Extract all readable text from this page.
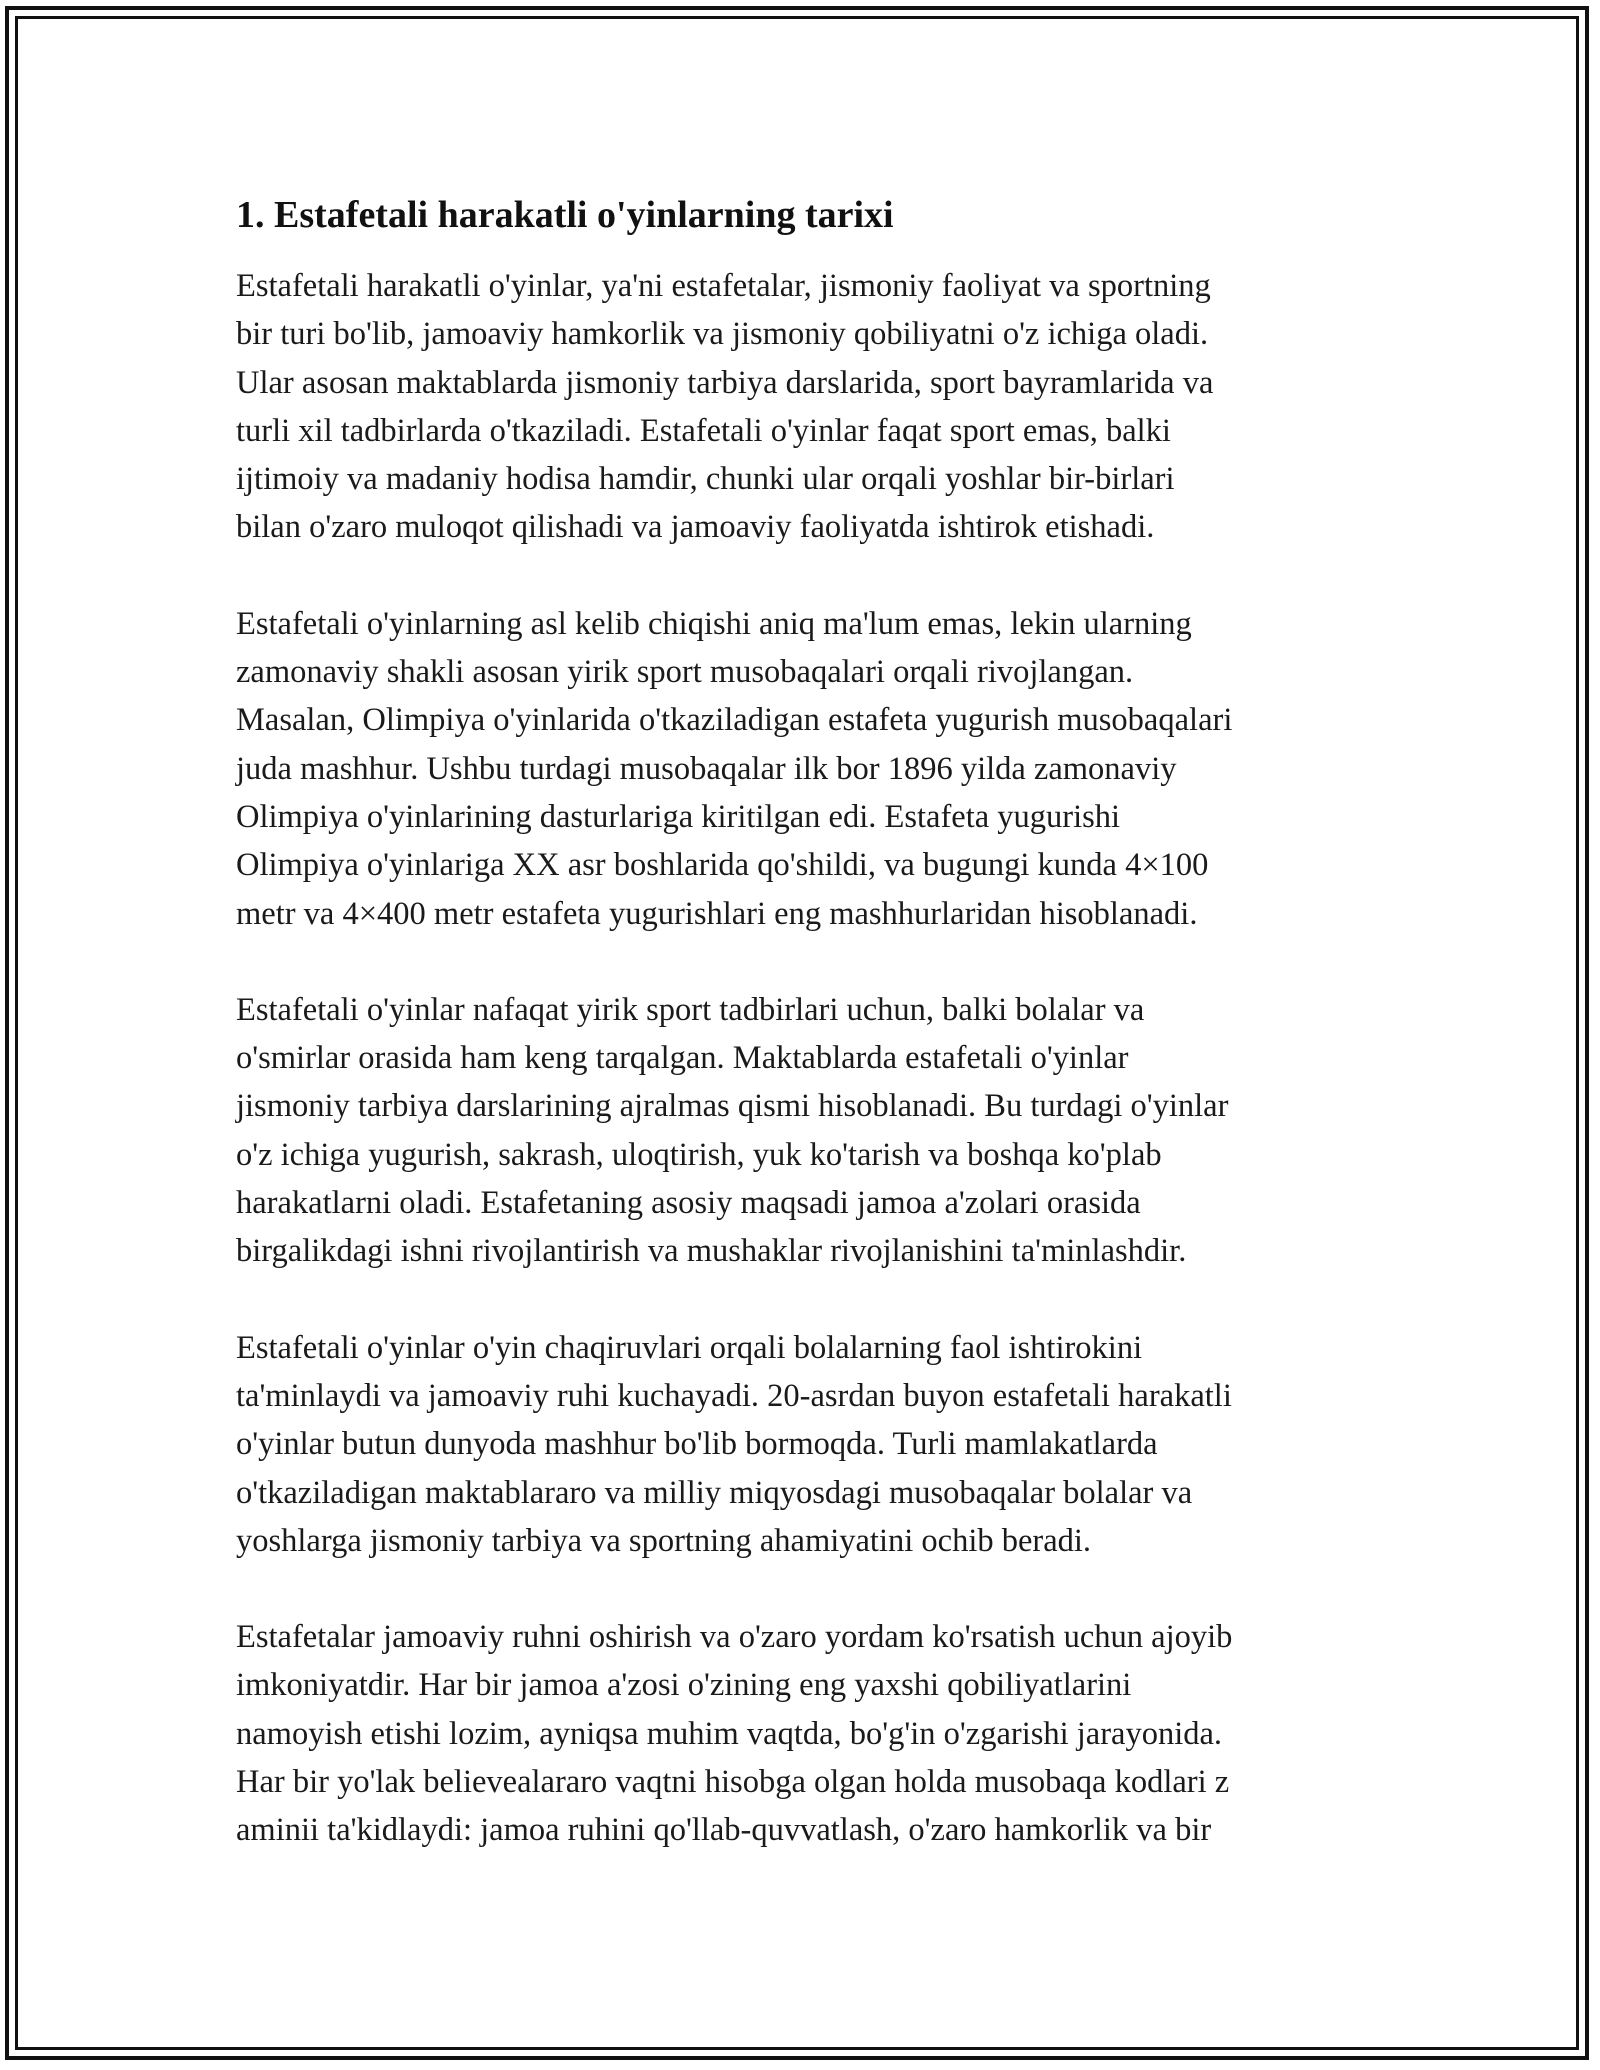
1. Estafetali harakatli o'yinlarning tarixi

Estafetali harakatli o'yinlar, ya'ni estafetalar, jismoniy faoliyat va sportning
bir turi bo'lib, jamoaviy hamkorlik va jismoniy qobiliyatni o'z ichiga oladi.
Ular asosan maktablarda jismoniy tarbiya darslarida, sport bayramlarida va
turli xil tadbirlarda o'tkaziladi. Estafetali o'yinlar faqat sport emas, balki
ijtimoiy va madaniy hodisa hamdir, chunki ular orqali yoshlar bir-birlari
bilan o'zaro muloqot qilishadi va jamoaviy faoliyatda ishtirok etishadi.

Estafetali o'yinlarning asl kelib chiqishi aniq ma'lum emas, lekin ularning
zamonaviy shakli asosan yirik sport musobaqalari orqali rivojlangan.
Masalan, Olimpiya o'yinlarida o'tkaziladigan estafeta yugurish musobaqalari
juda mashhur. Ushbu turdagi musobaqalar ilk bor 1896 yilda zamonaviy
Olimpiya o'yinlarining dasturlariga kiritilgan edi. Estafeta yugurishi
Olimpiya o'yinlariga XX asr boshlarida qo'shildi, va bugungi kunda 4×100
metr va 4×400 metr estafeta yugurishlari eng mashhurlaridan hisoblanadi.

Estafetali o'yinlar nafaqat yirik sport tadbirlari uchun, balki bolalar va
o'smirlar orasida ham keng tarqalgan. Maktablarda estafetali o'yinlar
jismoniy tarbiya darslarining ajralmas qismi hisoblanadi. Bu turdagi o'yinlar
o'z ichiga yugurish, sakrash, uloqtirish, yuk ko'tarish va boshqa ko'plab
harakatlarni oladi. Estafetaning asosiy maqsadi jamoa a'zolari orasida
birgalikdagi ishni rivojlantirish va mushaklar rivojlanishini ta'minlashdir.

Estafetali o'yinlar o'yin chaqiruvlari orqali bolalarning faol ishtirokini
ta'minlaydi va jamoaviy ruhi kuchayadi. 20-asrdan buyon estafetali harakatli
o'yinlar butun dunyoda mashhur bo'lib bormoqda. Turli mamlakatlarda
o'tkaziladigan maktablararo va milliy miqyosdagi musobaqalar bolalar va
yoshlarga jismoniy tarbiya va sportning ahamiyatini ochib beradi.

Estafetalar jamoaviy ruhni oshirish va o'zaro yordam ko'rsatish uchun ajoyib
imkoniyatdir. Har bir jamoa a'zosi o'zining eng yaxshi qobiliyatlarini
namoyish etishi lozim, ayniqsa muhim vaqtda, bo'g'in o'zgarishi jarayonida.
Har bir yo'lak believealararo vaqtni hisobga olgan holda musobaqa kodlari z
aminii ta'kidlaydi: jamoa ruhini qo'llab-quvvatlash, o'zaro hamkorlik va bir
